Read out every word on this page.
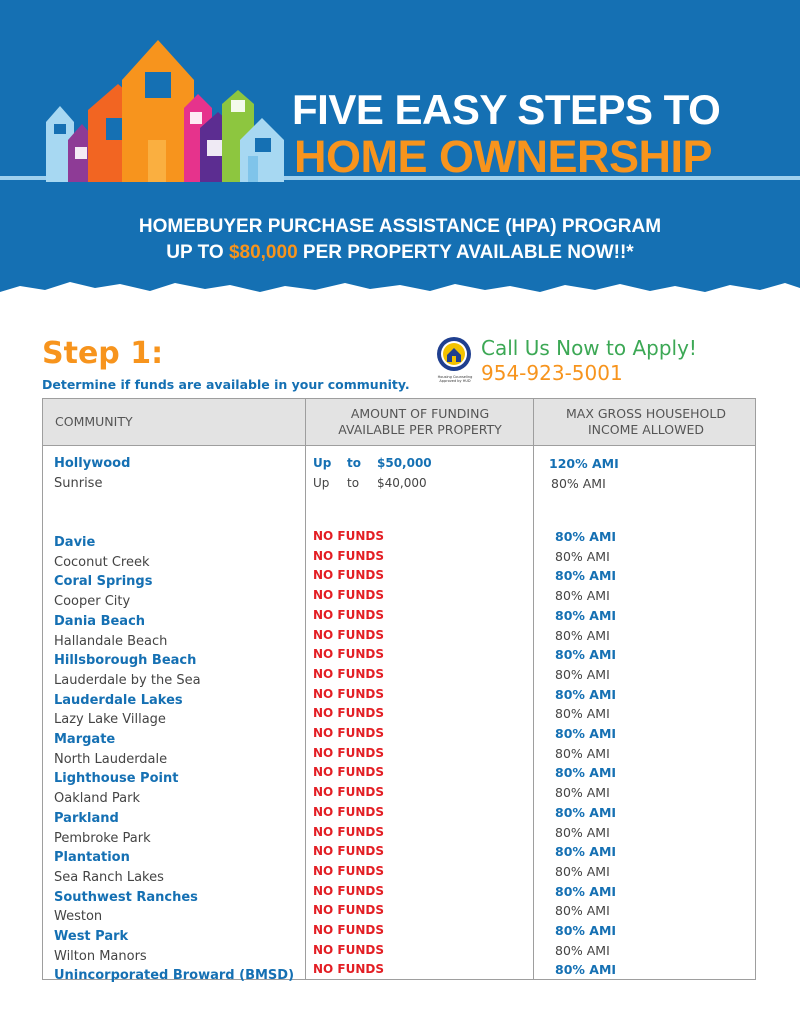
FIVE EASY STEPS TO
HOME OWNERSHIP
HOMEBUYER PURCHASE ASSISTANCE (HPA) PROGRAM
UP TO $80,000 PER PROPERTY AVAILABLE NOW!!*
Step 1:
Determine if funds are available in your community.	Housing Counseling
Approved by HUD
Call Us Now to Apply!
954-923-5001
COMMUNITY
AMOUNT OF FUNDING
AVAILABLE PER PROPERTY
MAX GROSS HOUSEHOLD
INCOME ALLOWED
Hollywood	Up to $50,000	120% AMI
Sunrise	Up to $40,000	80% AMI
Davie	NO FUNDS	80% AMI
Coconut Creek	NO FUNDS	80% AMI
Coral Springs	NO FUNDS	80% AMI
Cooper City	NO FUNDS	80% AMI
Dania Beach	NO FUNDS	80% AMI
Hallandale Beach	NO FUNDS	80% AMI
Hillsborough Beach	NO FUNDS	80% AMI
Lauderdale by the Sea	NO FUNDS	80% AMI
Lauderdale Lakes	NO FUNDS	80% AMI
Lazy Lake Village	NO FUNDS	80% AMI
Margate	NO FUNDS	80% AMI
North Lauderdale	NO FUNDS	80% AMI
Lighthouse Point	NO FUNDS	80% AMI
Oakland Park	NO FUNDS	80% AMI
Parkland	NO FUNDS	80% AMI
Pembroke Park	NO FUNDS	80% AMI
Plantation	NO FUNDS	80% AMI
Sea Ranch Lakes	NO FUNDS	80% AMI
Southwest Ranches	NO FUNDS	80% AMI
Weston	NO FUNDS	80% AMI
West Park	NO FUNDS	80% AMI
Wilton Manors	NO FUNDS	80% AMI
Unincorporated Broward (BMSD) NO FUNDS	80% AMI
